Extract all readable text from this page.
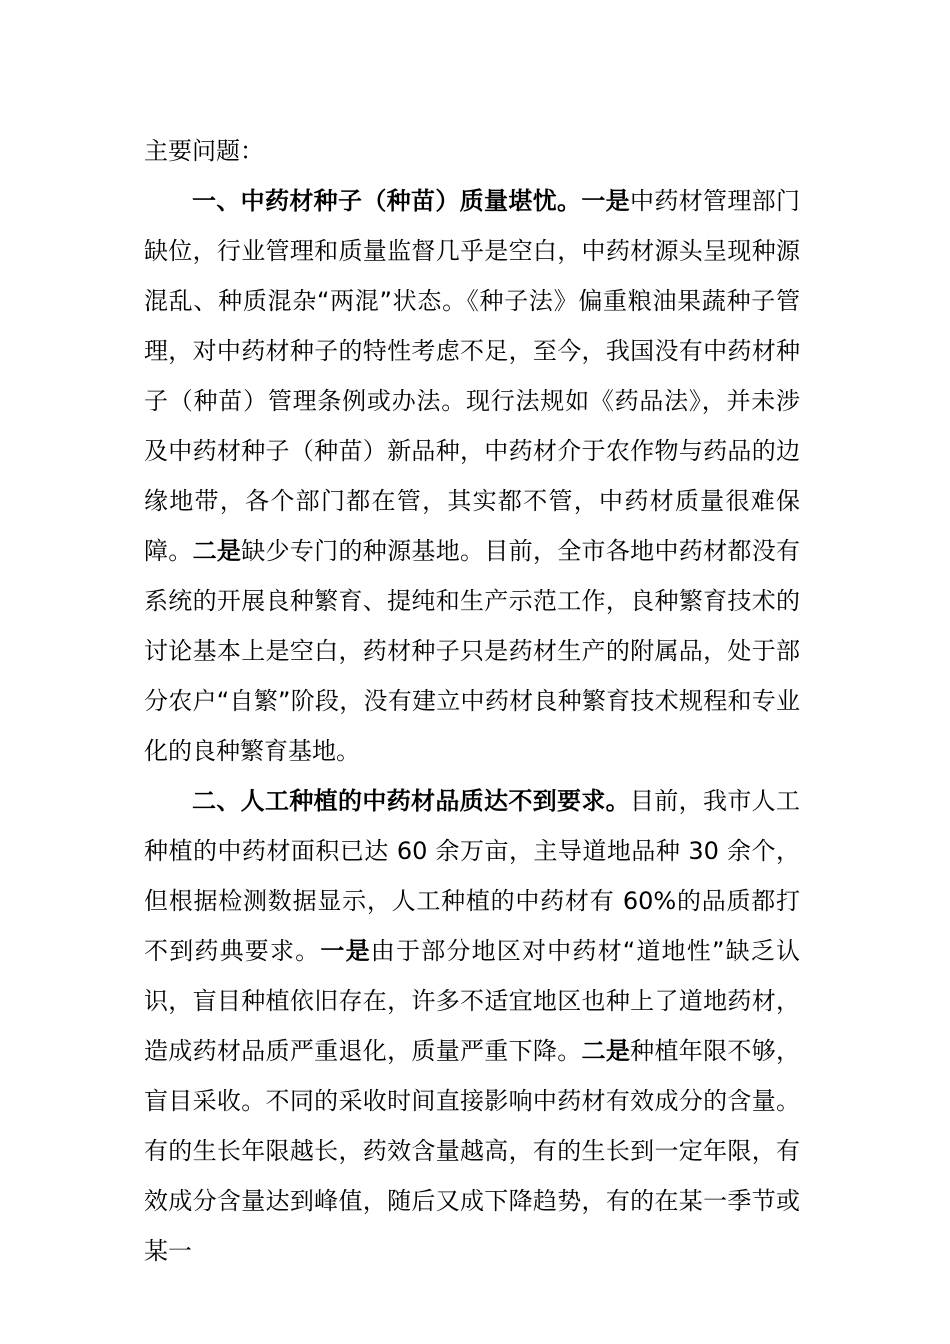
主要问题：

一、中药材种子（种苗）质量堪忧。一是中药材管理部门缺位，行业管理和质量监督几乎是空白，中药材源头呈现种源混乱、种质混杂“两混”状态。《种子法》偏重粮油果蔬种子管理，对中药材种子的特性考虑不足，至今，我国没有中药材种子（种苗）管理条例或办法。现行法规如《药品法》，并未涉及中药材种子（种苗）新品种，中药材介于农作物与药品的边缘地带，各个部门都在管，其实都不管，中药材质量很难保障。二是缺少专门的种源基地。目前，全市各地中药材都没有系统的开展良种繁育、提纯和生产示范工作，良种繁育技术的讨论基本上是空白，药材种子只是药材生产的附属品，处于部分农户“自繁”阶段，没有建立中药材良种繁育技术规程和专业化的良种繁育基地。

二、人工种植的中药材品质达不到要求。目前，我市人工种植的中药材面积已达 60 余万亩，主导道地品种 30 余个，但根据检测数据显示，人工种植的中药材有 60%的品质都打不到药典要求。一是由于部分地区对中药材“道地性”缺乏认识，盲目种植依旧存在，许多不适宜地区也种上了道地药材，造成药材品质严重退化，质量严重下降。二是种植年限不够，盲目采收。不同的采收时间直接影响中药材有效成分的含量。有的生长年限越长，药效含量越高，有的生长到一定年限，有效成分含量达到峰值，随后又成下降趋势，有的在某一季节或某一
